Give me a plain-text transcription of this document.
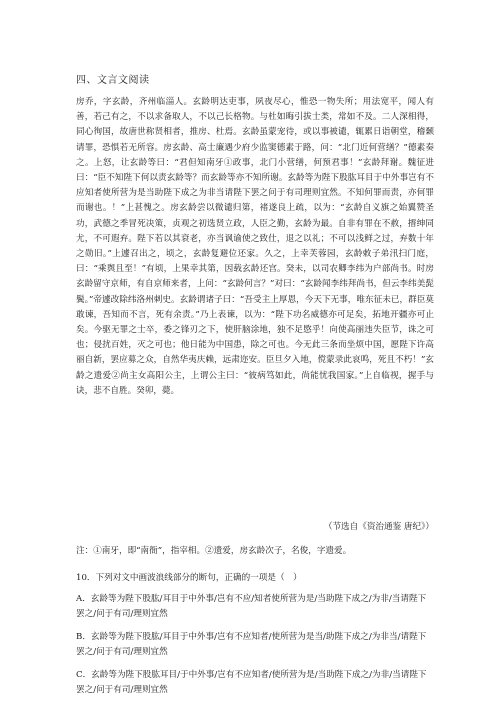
四、文言文阅读

房乔，字玄龄，齐州临淄人。玄龄明达吏事，夙夜尽心，惟恐一物失所；用法宽平，闻人有善，若己有之，不以求备取人，不以己长格物。与杜如晦引拔士类，常如不及。二人深相得，同心徇国，故唐世称贤相者，推房、杜焉。玄龄虽蒙宠待，或以事被谴，辄累日诣朝堂，稽颡请罪，恐惧若无所容。房玄龄、高士廉遇少府少监窦德素于路，问：“北门近何营缮？”德素奏之。上怒，让玄龄等曰：“君但知南牙①政事，北门小营缮，何预君事！”玄龄拜谢。魏征进曰：“臣不知陛下何以责玄龄等？而玄龄等亦不知所谢。玄龄等为陛下股肱耳目于中外事岂有不应知者使所营为是当助陛下成之为非当请陛下罢之问于有司理则宜然。不知何罪而责，亦何罪而谢也。！”上甚愧之。房玄龄尝以微谴归第，褚遂良上疏，以为：“玄龄自义旗之始翼赞圣功，武德之季冒死决策，贞观之初选贤立政，人臣之勤，玄龄为最。自非有罪在不赦，搢绅同尤，不可遐弃。陛下若以其衰老，亦当讽谕使之致仕，退之以礼；不可以浅鲜之过，弃数十年之勋旧。”上遽召出之，顷之，玄龄复避位还家。久之，上幸芙蓉园，玄龄敕子弟汛扫门庭，曰：“乘舆且至！”有顷，上果幸其第，因载玄龄还宫。癸未，以司农卿李纬为户部尚书。时房玄龄留守京师，有自京师来者，上问：“玄龄何言？”对曰：“玄龄闻李纬拜尚书，但云李纬美髭鬓。”帝遽改除纬洛州刺史。玄龄谓诸子曰：“吾受主上厚恩，今天下无事，唯东征未已，群臣莫敢谏，吾知而不言，死有余责。”乃上表谏，以为：“陛下功名威德亦可足矣，拓地开疆亦可止矣。今驱无罪之士卒，委之锋刃之下，使肝脑涂地，独不足愍乎！向使高丽违失臣节，诛之可也；侵扰百姓，灭之可也；他日能为中国患，除之可也。今无此三条而坐烦中国，愿陛下许高丽自新，罢应募之众，自然华夷庆赖，远肃迩安。臣旦夕入地，傥蒙录此哀鸣，死且不朽！”玄龄之遗爱②尚主女高阳公主，上谓公主曰：“彼病笃如此，尚能忧我国家。”上自临视，握手与诀，悲不自胜。癸卯，薨。

（节选自《资治通鉴 唐纪》）
注：①南牙，即“南衙”，指宰相。②遗爱，房玄龄次子，名俊，字遗爱。
10．下列对文中画波浪线部分的断句，正确的一项是（　）
A．玄龄等为陛下股肱/耳目于中外事/岂有不应/知者使所营为是/当助陛下成之/为非/当请陛下罢之/问于有司/理则宜然
B．玄龄等为陛下股肱/耳目于中外事/岂有不应知者/使所营为是当/助陛下成之/为非当/请陛下罢之/问于有司/理则宜然
C．玄龄等为陛下股肱耳目/于中外事/岂有不应知者/使所营为是/当助陛下成之/为非/当请陛下罢之/问于有司/理则宜然
